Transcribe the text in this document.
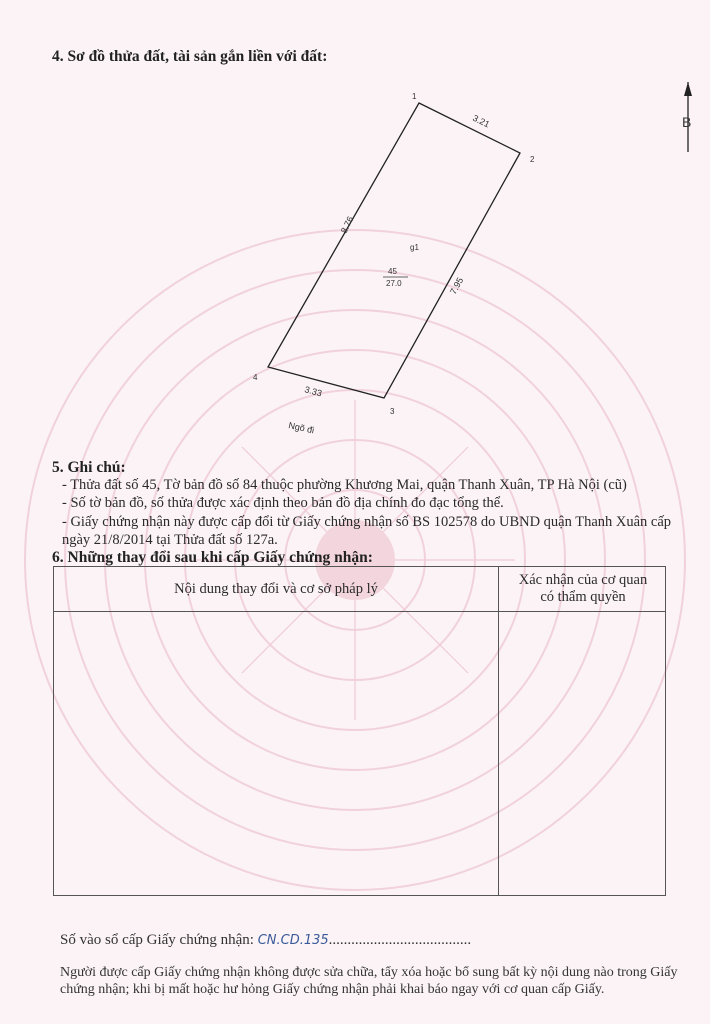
4. Sơ đồ thửa đất, tài sản gắn liền với đất:
1
2
3
4
3.21
7.95
3.33
8.76
g1
45
27.0
Ngõ đi
B
5. Ghi chú:
- Thửa đất số 45, Tờ bản đồ số 84 thuộc phường Khương Mai, quận Thanh Xuân, TP Hà Nội (cũ)
- Số tờ bản đồ, số thửa được xác định theo bản đồ địa chính đo đạc tổng thể.
- Giấy chứng nhận này được cấp đổi từ Giấy chứng nhận số BS 102578 do UBND quận Thanh Xuân cấp ngày 21/8/2014 tại Thửa đất số 127a.
6. Những thay đổi sau khi cấp Giấy chứng nhận:
Nội dung thay đổi và cơ sở pháp lý
Xác nhận của cơ quan
có thẩm quyền
Số vào sổ cấp Giấy chứng nhận: CN.CD.135......................................
Người được cấp Giấy chứng nhận không được sửa chữa, tẩy xóa hoặc bổ sung bất kỳ nội dung nào trong Giấy chứng nhận; khi bị mất hoặc hư hỏng Giấy chứng nhận phải khai báo ngay với cơ quan cấp Giấy.
